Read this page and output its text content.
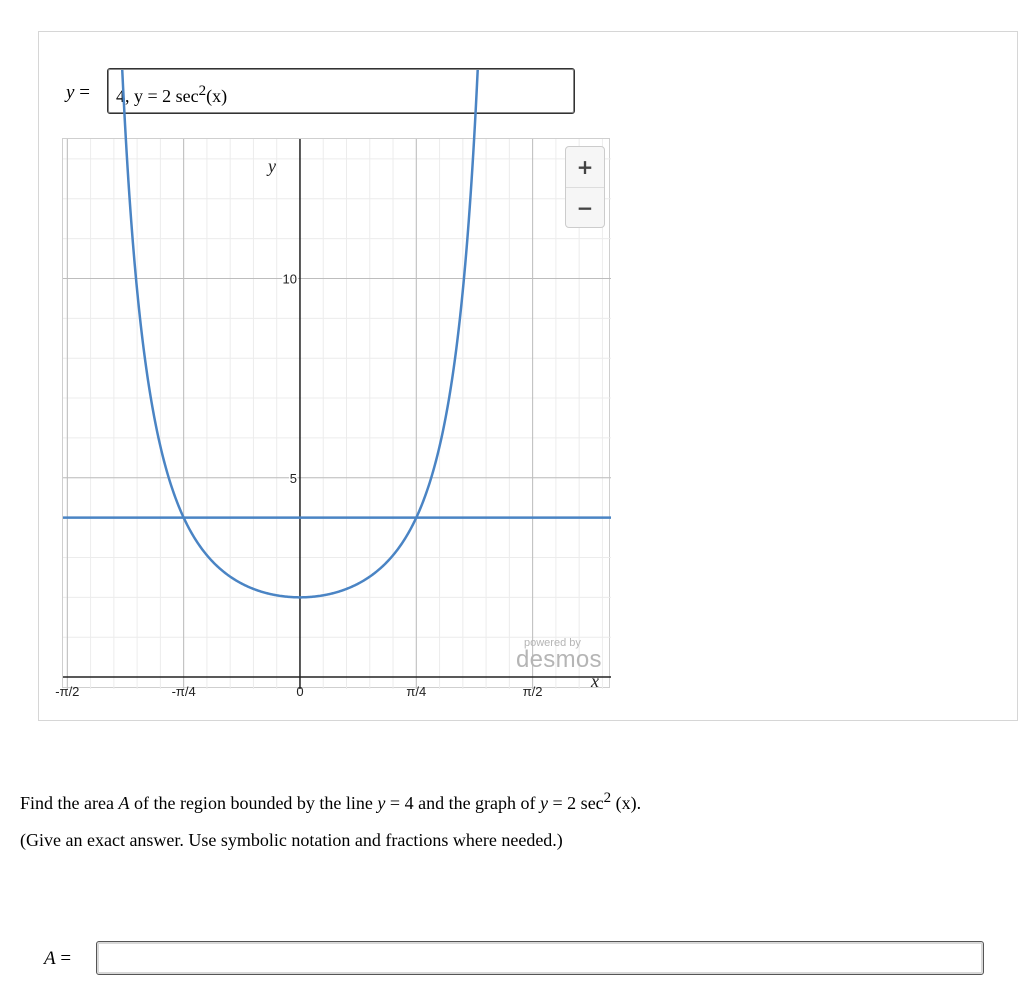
y =	4, y = 2 $\sec^2(x)$
-π/2	-π/4	0	π/4	π/2
5
10
y
x
+
−
powered by
desmos
Find the area A of the region bounded by the line y = 4 and the graph of y = 2 $\sec^2 (x)$.
(Give an exact answer. Use symbolic notation and fractions where needed.)
A =
